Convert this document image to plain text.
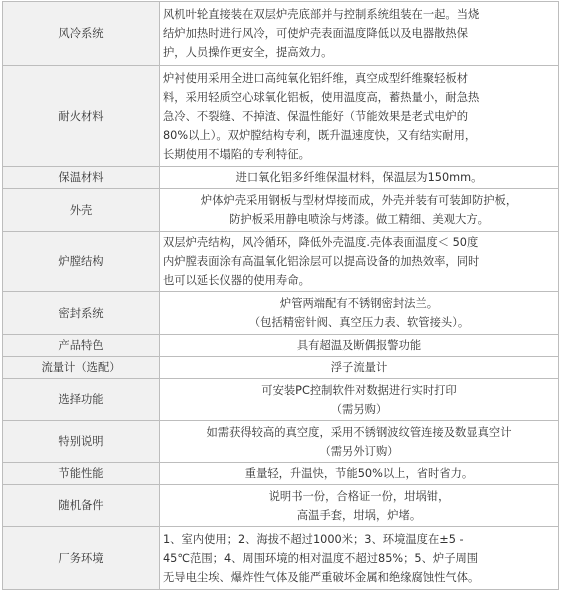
风冷系统	风机叶轮直接装在双层炉壳底部并与控制系统组装在一起。当烧
结炉加热时进行风冷，可使炉壳表面温度降低以及电器散热保
护，人员操作更安全，提高效力。

耐火材料	炉衬使用采用全进口高纯氧化铝纤维，真空成型纤维聚轻板材
料，采用轻质空心球氧化铝板，使用温度高，蓄热量小，耐急热
急冷、不裂缝、不掉渣、保温性能好（节能效果是老式电炉的
80%以上）。双炉膛结构专利，既升温速度快，又有结实耐用，
长期使用不塌陷的专利特征。

保温材料	进口氧化铝多纤维保温材料，保温层为150mm。

外壳	炉体炉壳采用钢板与型材焊接而成，外壳并装有可装卸防护板，
防护板采用静电喷涂与烤漆。做工精细、美观大方。

炉膛结构	双层炉壳结构，风冷循环，降低外壳温度.壳体表面温度＜ 50度
内炉膛表面涂有高温氧化铝涂层可以提高设备的加热效率，同时
也可以延长仪器的使用寿命。

密封系统	炉管两端配有不锈钢密封法兰。
（包括精密针阀、真空压力表、软管接头）。

产品特色	具有超温及断偶报警功能

流量计（选配）	浮子流量计

选择功能	可安装PC控制软件对数据进行实时打印
（需另购）

特别说明	如需获得较高的真空度，采用不锈钢波纹管连接及数显真空计
（需另外订购）

节能性能	重量轻，升温快，节能50%以上，省时省力。

随机备件	说明书一份，合格证一份，坩埚钳，
高温手套，坩埚，炉堵。

厂务环境	1、室内使用；2、海拔不超过1000米；3、环境温度在±5 -
45℃范围；4、周围环境的相对温度不超过85%；5、炉子周围
无导电尘埃、爆炸性气体及能严重破坏金属和绝缘腐蚀性气体。
